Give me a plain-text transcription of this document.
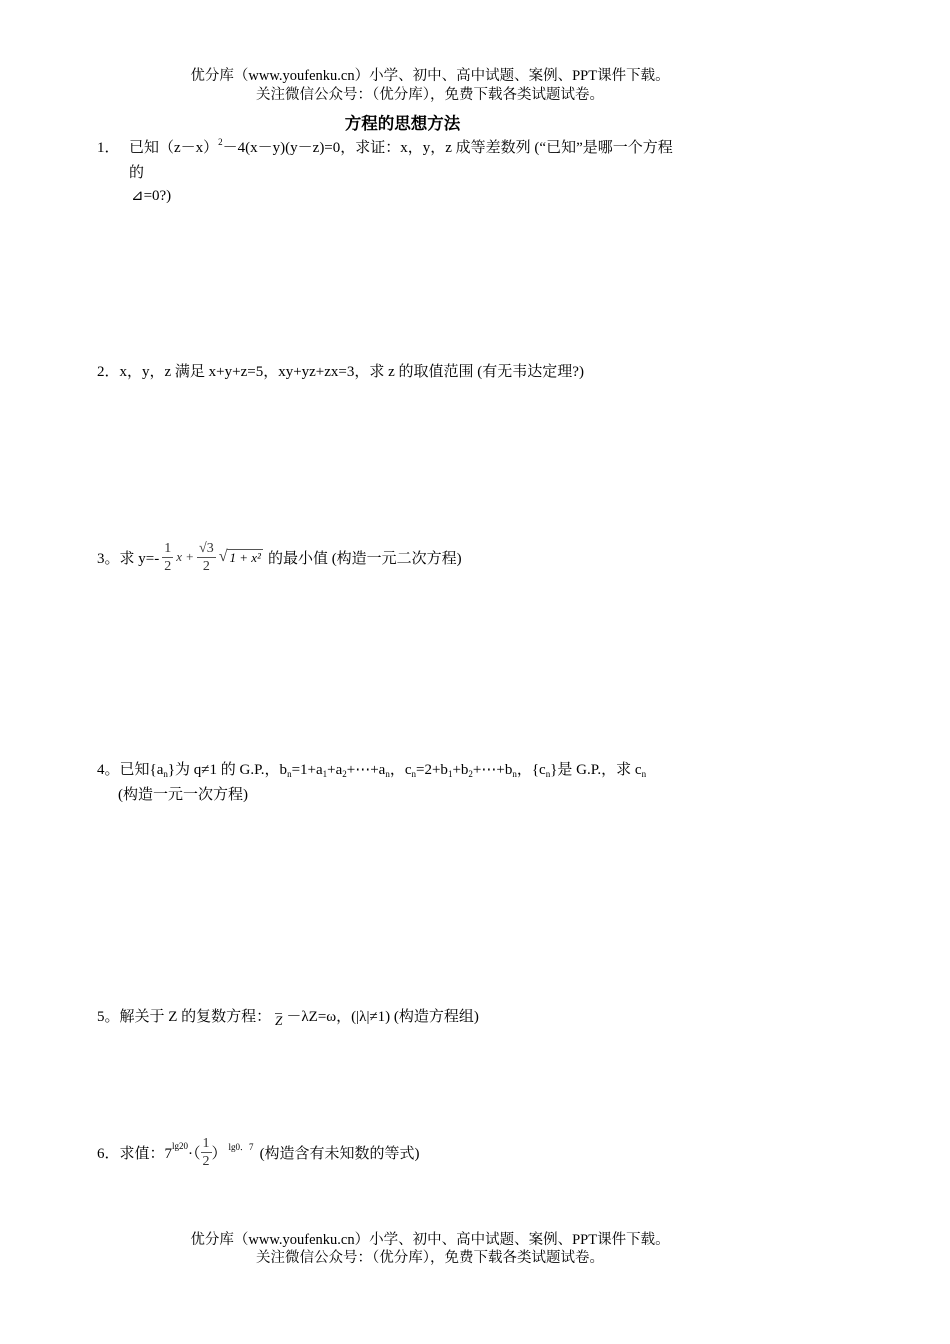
优分库（www.youfenku.cn）小学、初中、高中试题、案例、PPT课件下载。
关注微信公众号：（优分库），免费下载各类试题试卷。
方程的思想方法
1． 已知$(z-x)^2-4(x-y)(y-z)=0$，求证：x，y，z 成等差数列 (“已知”是哪一个方程
的
⊿=0?)
2．x，y，z 满足 x+y+z=5，xy+yz+zx=3，求 z 的取值范围 (有无韦达定理?)
3。求 $y=- \frac{1}{2}$ $x + \frac{√3}{2}$ √ 1 + x² 的最小值 (构造一元二次方程)
4。已知$\{a_n\}$为 q≠1 的 G.P.，$b_n=1+a_1+a_2+\cdots+a_n$，$c_n=2+b_1+b_2+\cdots+b_n$，$\{c_n\}$是 G.P.，求 $c_n$
(构造一元一次方程)
5。解关于 Z 的复数方程： Z －λZ=ω，(|λ|≠1) (构造方程组)
6．求值：$7^{lg20}$ ·（ $\frac{1}{2} )^{lg0.7}$ (构造含有未知数的等式)
优分库（www.youfenku.cn）小学、初中、高中试题、案例、PPT课件下载。
关注微信公众号：（优分库），免费下载各类试题试卷。
